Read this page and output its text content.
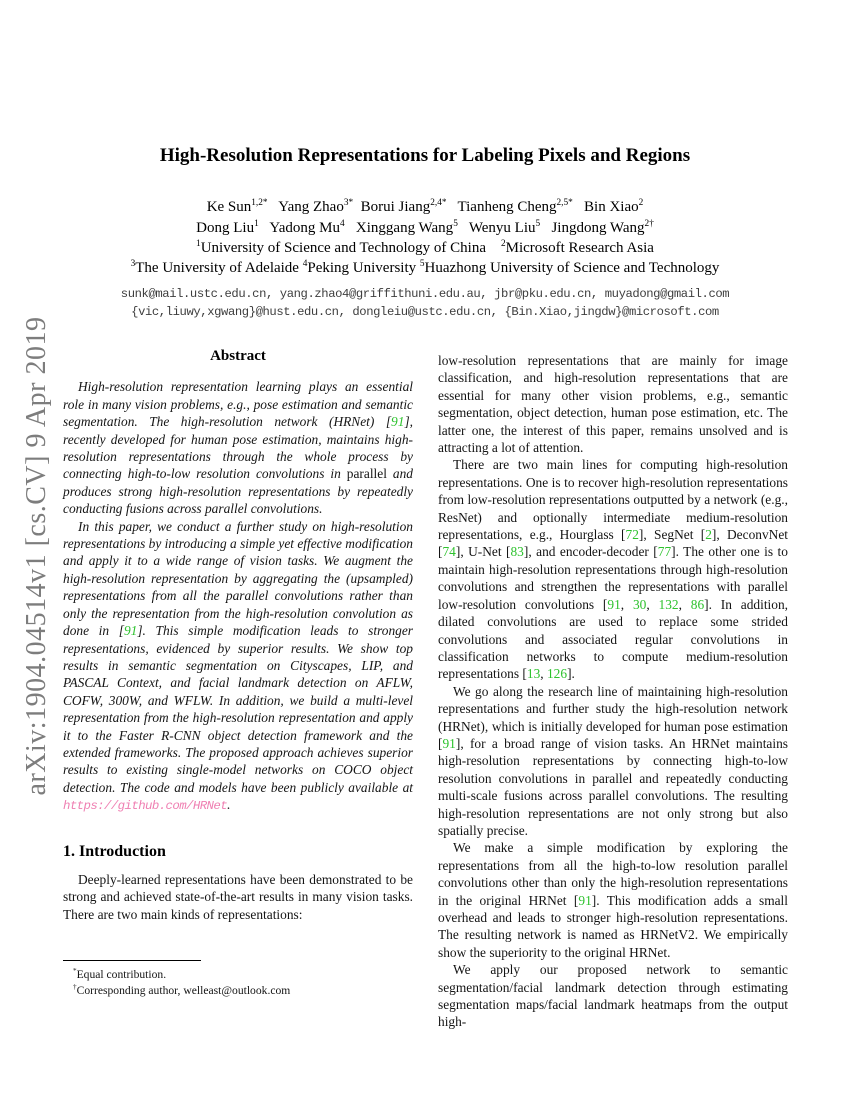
arXiv:1904.04514v1 [cs.CV] 9 Apr 2019
High-Resolution Representations for Labeling Pixels and Regions

Ke Sun$^{1,2*}$  Yang Zhao$^{3*}$ Borui Jiang$^{2,4*}$  Tianheng Cheng$^{2,5*}$  Bin Xiao$^2$

Dong Liu$^1$  Yadong Mu$^4$  Xinggang Wang$^5$  Wenyu Liu$^5$  Jingdong Wang$^{2\dagger}$

$^1$University of Science and Technology of China   $^2$Microsoft Research Asia

$^3$The University of Adelaide $^4$Peking University $^5$Huazhong University of Science and Technology

sunk@mail.ustc.edu.cn, yang.zhao4@griffithuni.edu.au, jbr@pku.edu.cn, muyadong@gmail.com

{vic,liuwy,xgwang}@hust.edu.cn, dongleiu@ustc.edu.cn, {Bin.Xiao,jingdw}@microsoft.com

Abstract

High-resolution representation learning plays an essential role in many vision problems, e.g., pose estimation and semantic segmentation. The high-resolution network (HRNet) [91], recently developed for human pose estimation, maintains high-resolution representations through the whole process by connecting high-to-low resolution convolutions in parallel and produces strong high-resolution representations by repeatedly conducting fusions across parallel convolutions.

In this paper, we conduct a further study on high-resolution representations by introducing a simple yet effective modification and apply it to a wide range of vision tasks. We augment the high-resolution representation by aggregating the (upsampled) representations from all the parallel convolutions rather than only the representation from the high-resolution convolution as done in [91]. This simple modification leads to stronger representations, evidenced by superior results. We show top results in semantic segmentation on Cityscapes, LIP, and PASCAL Context, and facial landmark detection on AFLW, COFW, 300W, and WFLW. In addition, we build a multi-level representation from the high-resolution representation and apply it to the Faster R-CNN object detection framework and the extended frameworks. The proposed approach achieves superior results to existing single-model networks on COCO object detection. The code and models have been publicly available at https://github.com/HRNet.

1. Introduction

Deeply-learned representations have been demonstrated to be strong and achieved state-of-the-art results in many vision tasks. There are two main kinds of representations:

*Equal contribution.

†Corresponding author, welleast@outlook.com

low-resolution representations that are mainly for image classification, and high-resolution representations that are essential for many other vision problems, e.g., semantic segmentation, object detection, human pose estimation, etc. The latter one, the interest of this paper, remains unsolved and is attracting a lot of attention.

There are two main lines for computing high-resolution representations. One is to recover high-resolution representations from low-resolution representations outputted by a network (e.g., ResNet) and optionally intermediate medium-resolution representations, e.g., Hourglass [72], SegNet [2], DeconvNet [74], U-Net [83], and encoder-decoder [77]. The other one is to maintain high-resolution representations through high-resolution convolutions and strengthen the representations with parallel low-resolution convolutions [91, 30, 132, 86]. In addition, dilated convolutions are used to replace some strided convolutions and associated regular convolutions in classification networks to compute medium-resolution representations [13, 126].

We go along the research line of maintaining high-resolution representations and further study the high-resolution network (HRNet), which is initially developed for human pose estimation [91], for a broad range of vision tasks. An HRNet maintains high-resolution representations by connecting high-to-low resolution convolutions in parallel and repeatedly conducting multi-scale fusions across parallel convolutions. The resulting high-resolution representations are not only strong but also spatially precise.

We make a simple modification by exploring the representations from all the high-to-low resolution parallel convolutions other than only the high-resolution representations in the original HRNet [91]. This modification adds a small overhead and leads to stronger high-resolution representations. The resulting network is named as HRNetV2. We empirically show the superiority to the original HRNet.

We apply our proposed network to semantic segmentation/facial landmark detection through estimating segmentation maps/facial landmark heatmaps from the output high-
